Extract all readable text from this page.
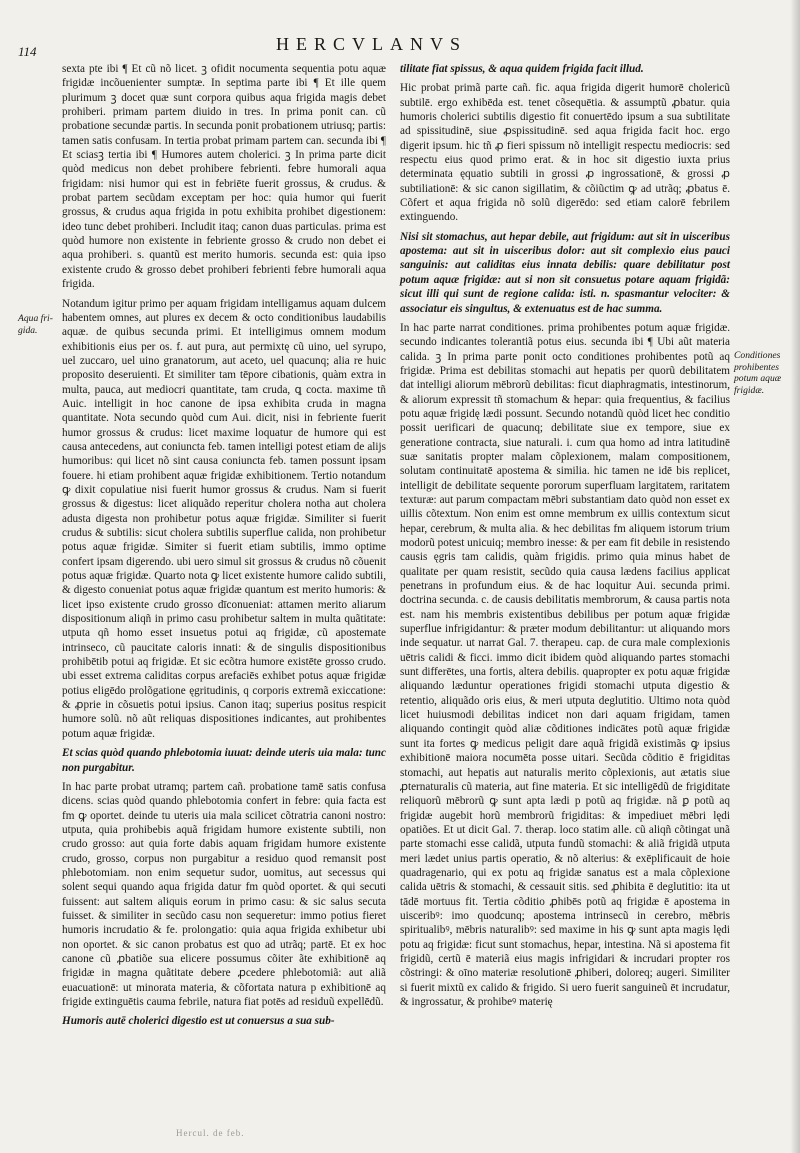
114	HERCVLANVS
Aqua fri-gida.
Conditiones prohibentes potum aquæ frigidæ.

sexta pte ibi ¶ Et cũ nõ licet. ꝫ ofidit nocumenta sequentia potu aquæ frigidæ incõuenienter sumptæ. In septima parte ibi ¶ Et ille quem plurimum ꝫ docet quæ sunt corpora quibus aqua frigida magis debet prohiberi. primam partem diuido in tres. In prima ponit can. cũ probatione secundæ partis. In secunda ponit probationem utriusq; partis: tamen satis confusam. In tertia probat primam partem can. secunda ibi ¶ Et sciasꝫ tertia ibi ¶ Humores autem cholerici. ꝫ In prima parte dicit quòd medicus non debet prohibere febrienti. febre humorali aqua frigidam: nisi humor qui est in febriēte fuerit grossus, & crudus. & probat partem secũdam exceptam per hoc: quia humor qui fuerit grossus, & crudus aqua frigida in potu exhibita prohibet digestionem: ideo tunc debet prohiberi. Includit itaq; canon duas particulas. prima est quòd humore non existente in febriente grosso & crudo non debet ei aqua prohiberi. s. quantũ est merito humoris. secunda est: quia ipso existente crudo & grosso debet prohiberi febrienti febre humorali aqua frigida.

Notandum igitur primo per aquam frigidam intelligamus aquam dulcem habentem omnes, aut plures ex decem & octo conditionibus laudabilis aquæ. de quibus secunda primi. Et intelligimus omnem modum exhibitionis eius per os. f. aut pura, aut permixtę cũ uino, uel syrupo, uel zuccaro, uel uino granatorum, aut aceto, uel quacunq; alia re huic proposito deseruienti. Et similiter tam tēpore cibationis, quàm extra in multa, pauca, aut mediocri quantitate, tam cruda, ꝗ cocta. maxime tñ Auic. intelligit in hoc canone de ipsa exhibita cruda in magna quantitate. Nota secundo quòd cum Aui. dicit, nisi in febriente fuerit humor grossus & crudus: licet maxime loquatur de humore qui est causa antecedens, aut coniuncta feb. tamen intelligi potest etiam de alijs humoribus: qui licet nõ sint causa coniuncta feb. tamen possunt ipsam fouere. hi etiam prohibent aquæ frigidæ exhibitionem. Tertio notandum ꝙ dixit copulatiue nisi fuerit humor grossus & crudus. Nam si fuerit grossus & digestus: licet aliquãdo reperitur cholera notha aut cholera adusta digesta non prohibetur potus aquæ frigidæ. Similiter si fuerit crudus & subtilis: sicut cholera subtilis superflue calida, non prohibetur potus aquæ frigidæ. Simiter si fuerit etiam subtilis, immo optime confert ipsam digerendo. ubi uero simul sit grossus & crudus nõ cõuenit potus aquæ frigidæ. Quarto nota ꝙ licet existente humore calido subtili, & digesto conueniat potus aquæ frigidæ quantum est merito humoris: & licet ipso existente crudo grosso dīconueniat: attamen merito aliarum dispositionum aliqñ in primo casu prohibetur saltem in multa quãtitate: utputa qñ homo esset insuetus potui aq frigidæ, cũ apostemate intrinseco, cũ paucitate caloris innati: & de singulis dispositionibus prohibētib potui aq frigidæ. Et sic ecõtra humore existēte grosso crudo. ubi esset extrema caliditas corpus arefaciēs exhibet potus aquæ frigidæ potius eligēdo prolõgatione ęgritudinis, q corporis extremã exiccatione: & ꝓprie in cõsuetis potui ipsius. Canon itaq; superius positus respicit humore solũ. nõ aũt reliquas dispositiones indicantes, aut prohibentes potum aquæ frigidæ.

Et scias quòd quando phlebotomia iuuat: deinde uteris uia mala: tunc non purgabitur.

In hac parte probat utramq; partem cañ. probatione tamē satis confusa dicens. scias quòd quando phlebotomia confert in febre: quia facta est fm ꝙ oportet. deinde tu uteris uia mala scilicet cõtratria canoni nostro: utputa, quia prohibebis aquã frigidam humore existente subtili, non crudo grosso: aut quia forte dabis aquam frigidam humore existente crudo, grosso, corpus non purgabitur a residuo quod remansit post phlebotomiam. non enim sequetur sudor, uomitus, aut secessus qui solent sequi quando aqua frigida datur fm quòd oportet. & qui secuti fuissent: aut saltem aliquis eorum in primo casu: & sic salus secuta fuisset. & similiter in secũdo casu non sequeretur: immo potius fieret humoris incrudatio & fe. prolongatio: quia aqua frigida exhibetur ubi non oportet. & sic canon probatus est quo ad utrãq; partē. Et ex hoc canone cũ ꝓbatiõe sua elicere possumus cõiter ãte exhibitionē aq frigidæ in magna quãtitate debere ꝓcedere phlebotomiã: aut aliã euacuationē: ut minorata materia, & cõfortata natura p exhibitionē aq frigide extinguētis cauma febrile, natura fiat potēs ad residuũ expellēdũ.

Humoris autē cholerici digestio est ut conuersus a sua sub-

tilitate fiat spissus, & aqua quidem frigida facit illud.

Hic probat primã parte cañ. fic. aqua frigida digerit humorē cholericũ subtilē. ergo exhibēda est. tenet cõsequētia. & assumptũ ꝓbatur. quia humoris cholerici subtilis digestio fit conuertēdo ipsum a sua subtilitate ad spissitudinē, siue ꝓspissitudinē. sed aqua frigida facit hoc. ergo digerit ipsum. hic tñ ꝓ fieri spissum nõ intelligit respectu mediocris: sed respectu eius quod primo erat. & in hoc sit digestio iuxta prius determinata ęquatio subtili in grossi ꝓ ingrossationē, & grossi ꝓ subtiliationē: & sic canon sigillatim, & cõiũctim ꝙ ad utrãq; ꝓbatus ē. Cõfert et aqua frigida nõ solũ digerēdo: sed etiam calorē febrilem extinguendo.

Nisi sit stomachus, aut hepar debile, aut frigidum: aut sit in uisceribus apostema: aut sit in uisceribus dolor: aut sit complexio eius pauci sanguinis: aut caliditas eius innata debilis: quare debilitatur post potum aquæ frigidæ: aut si non sit consuetus potare aquam frigidã: sicut illi qui sunt de regione calida: isti. n. spasmantur velociter: & associatur eis singultus, & extenuatus est de hac summa.

In hac parte narrat conditiones. prima prohibentes potum aquæ frigidæ. secundo indicantes tolerantiã potus eius. secunda ibi ¶ Ubi aũt materia calida. ꝫ In prima parte ponit octo conditiones prohibentes potũ aq frigidæ. Prima est debilitas stomachi aut hepatis per quorũ debilitatem dat intelligi aliorum mēbrorũ debilitas: ficut diaphragmatis, intestinorum, & aliorum expressit tñ stomachum & hepar: quia frequentius, & facilius potu aquæ frigidę lædi possunt. Secundo notandũ quòd licet hec conditio possit uerificari de quacunq; debilitate siue ex tempore, siue ex generatione contracta, siue naturali. i. cum qua homo ad intra latitudinē suæ sanitatis propter malam cõplexionem, malam compositionem, solutam continuitatē apostema & similia. hic tamen ne idē bis replicet, intelligit de debilitate sequente pororum superfluam largitatem, raritatem texturæ: aut parum compactam mēbri substantiam dato quòd non esset ex uillis cõtextum. Non enim est omne membrum ex uillis contextum sicut hepar, cerebrum, & multa alia. & hec debilitas fm aliquem istorum trium modorũ potest unicuiq; membro inesse: & per eam fit debile in resistendo causis ęgris tam calidis, quàm frigidis. primo quia minus habet de qualitate per quam resistit, secũdo quia causa lædens facilius applicat penetrans in profundum eius. & de hac loquitur Aui. secunda primi. doctrina secunda. c. de causis debilitatis membrorum, & causa partis nota est. nam his membris existentibus debilibus per potum aquæ frigidæ superflue infrigidantur: & præter modum debilitantur: ut aliquando mors inde sequatur. ut narrat Gal. 7. therapeu. cap. de cura male complexionis uētris calidi & ficci. immo dicit ibidem quòd aliquando partes stomachi sunt differētes, una fortis, altera debilis. quapropter ex potu aquæ frigidæ aliquando læduntur operationes frigidi stomachi utputa digestio & retentio, aliquãdo oris eius, & meri utputa deglutitio. Ultimo nota quòd licet huiusmodi debilitas indicet non dari aquam frigidam, tamen aliquando contingit quòd aliæ cõditiones indicātes potũ aquæ frigidæ sunt ita fortes ꝙ medicus peligit dare aquã frigidã existimãs ꝙ ipsius exhibitionē maiora nocumēta posse uitari. Secũda cõditio ē frigiditas stomachi, aut hepatis aut naturalis merito cõplexionis, aut ætatis siue ꝓternaturalis cũ materia, aut fine materia. Et sic intelligēdũ de frigiditate reliquorũ mēbrorũ ꝙ sunt apta lædi p potũ aq frigidæ. nã ꝑ potũ aq frigidæ augebit horũ membrorũ frigiditas: & impediuet mēbri lędi opatiões. Et ut dicit Gal. 7. therap. loco statim alle. cũ aliqñ cõtingat unã parte stomachi esse calidã, utputa fundũ stomachi: & aliã frigidã utputa meri lædet unius partis operatio, & nõ alterius: & exēplificauit de hoie quadragenario, qui ex potu aq frigidæ sanatus est a mala cõplexione calida uētris & stomachi, & cessauit sitis. sed ꝓhibita ē deglutitio: ita ut tādē mortuus fit. Tertia cõditio ꝓhibēs potũ aq frigidæ ē apostema in uisceribꝰ: imo quodcunq; apostema intrinsecũ in cerebro, mēbris spiritualibꝰ, mēbris naturalibꝰ: sed maxime in his ꝙ sunt apta magis lędi potu aq frigidæ: ficut sunt stomachus, hepar, intestina. Nã si apostema fit frigidũ, certũ ē materiã eius magis infrigidari & incrudari propter ros cõstringi: & oīno materiæ resolutionē ꝓhiberi, doloreq; augeri. Similiter si fuerit mixtũ ex calido & frigido. Si uero fuerit sanguineũ ēt incrudatur, & ingrossatur, & prohibeꝰ materię

Hercul. de feb.
